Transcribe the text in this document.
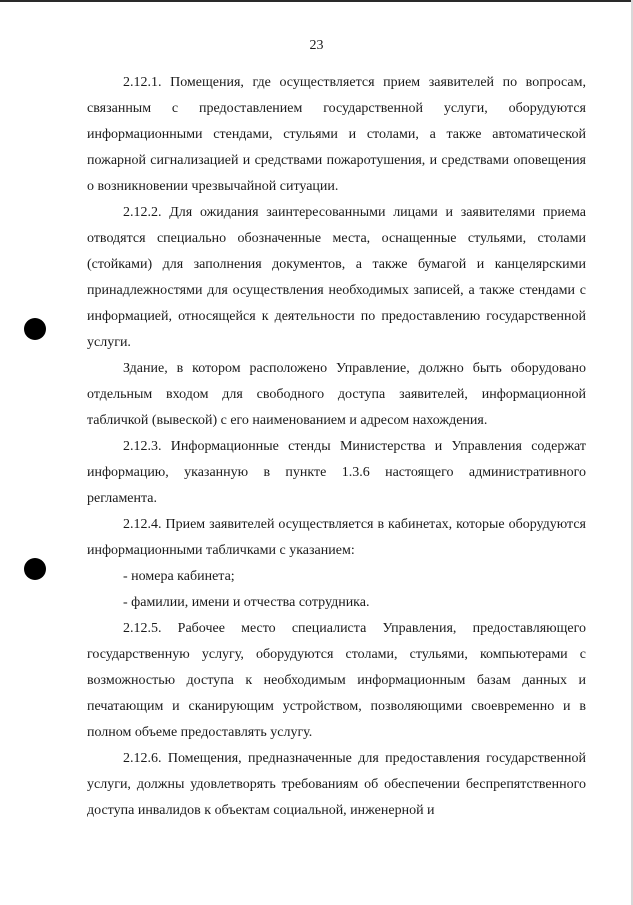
23

2.12.1. Помещения, где осуществляется прием заявителей по вопросам, связанным с предоставлением государственной услуги, оборудуются информационными стендами, стульями и столами, а также автоматической пожарной сигнализацией и средствами пожаротушения, и средствами оповещения о возникновении чрезвычайной ситуации.

2.12.2. Для ожидания заинтересованными лицами и заявителями приема отводятся специально обозначенные места, оснащенные стульями, столами (стойками) для заполнения документов, а также бумагой и канцелярскими принадлежностями для осуществления необходимых записей, а также стендами с информацией, относящейся к деятельности по предоставлению государственной услуги.

Здание, в котором расположено Управление, должно быть оборудовано отдельным входом для свободного доступа заявителей, информационной табличкой (вывеской) с его наименованием и адресом нахождения.

2.12.3. Информационные стенды Министерства и Управления содержат информацию, указанную в пункте 1.3.6 настоящего административного регламента.

2.12.4. Прием заявителей осуществляется в кабинетах, которые оборудуются информационными табличками с указанием:

- номера кабинета;

- фамилии, имени и отчества сотрудника.

2.12.5. Рабочее место специалиста Управления, предоставляющего государственную услугу, оборудуются столами, стульями, компьютерами с возможностью доступа к необходимым информационным базам данных и печатающим и сканирующим устройством, позволяющими своевременно и в полном объеме предоставлять услугу.

2.12.6. Помещения, предназначенные для предоставления государственной услуги, должны удовлетворять требованиям об обеспечении беспрепятственного доступа инвалидов к объектам социальной, инженерной и
